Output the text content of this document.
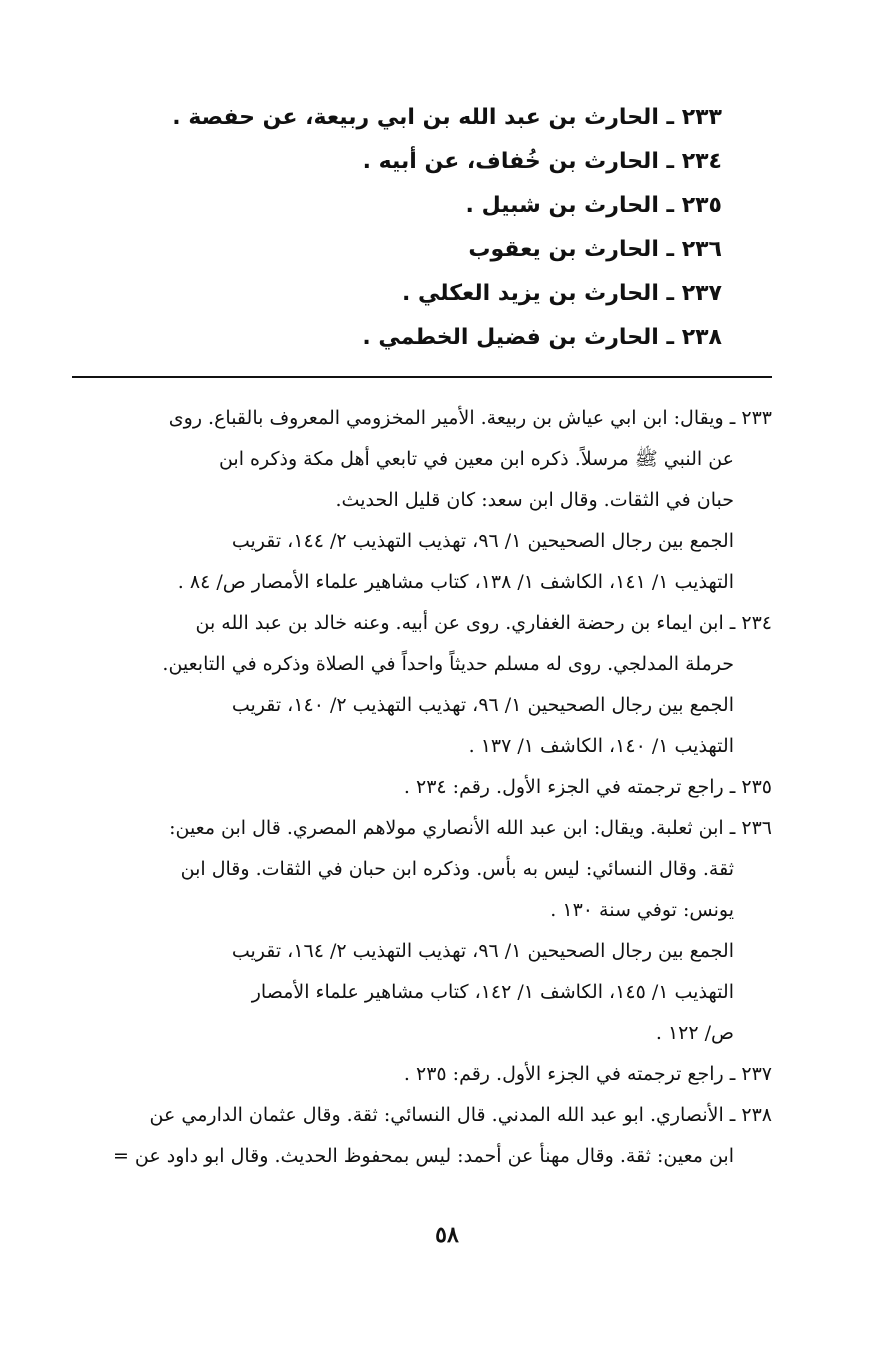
٢٣٣ ـ الحارث بن عبد الله بن ابي ربيعة، عن حفصة .
٢٣٤ ـ الحارث بن خُفاف، عن أبيه .
٢٣٥ ـ الحارث بن شبيل .
٢٣٦ ـ الحارث بن يعقوب
٢٣٧ ـ الحارث بن يزيد العكلي .
٢٣٨ ـ الحارث بن فضيل الخطمي .
٢٣٣ ـ ويقال: ابن ابي عياش بن ربيعة. الأمير المخزومي المعروف بالقباع. روى
عن النبي ﷺ مرسلاً. ذكره ابن معين في تابعي أهل مكة وذكره ابن
حبان في الثقات. وقال ابن سعد: كان قليل الحديث.
الجمع بين رجال الصحيحين ١/ ٩٦، تهذيب التهذيب ٢/ ١٤٤، تقريب
التهذيب ١/ ١٤١، الكاشف ١/ ١٣٨، كتاب مشاهير علماء الأمصار ص/ ٨٤ .
٢٣٤ ـ ابن ايماء بن رحضة الغفاري. روى عن أبيه. وعنه خالد بن عبد الله بن
حرملة المدلجي. روى له مسلم حديثاً واحداً في الصلاة وذكره في التابعين.
الجمع بين رجال الصحيحين ١/ ٩٦، تهذيب التهذيب ٢/ ١٤٠، تقريب
التهذيب ١/ ١٤٠، الكاشف ١/ ١٣٧ .
٢٣٥ ـ راجع ترجمته في الجزء الأول. رقم: ٢٣٤ .
٢٣٦ ـ ابن ثعلبة. ويقال: ابن عبد الله الأنصاري مولاهم المصري. قال ابن معين:
ثقة. وقال النسائي: ليس به بأس. وذكره ابن حبان في الثقات. وقال ابن
يونس: توفي سنة ١٣٠ .
الجمع بين رجال الصحيحين ١/ ٩٦، تهذيب التهذيب ٢/ ١٦٤، تقريب
التهذيب ١/ ١٤٥، الكاشف ١/ ١٤٢، كتاب مشاهير علماء الأمصار
ص/ ١٢٢ .
٢٣٧ ـ راجع ترجمته في الجزء الأول. رقم: ٢٣٥ .
٢٣٨ ـ الأنصاري. ابو عبد الله المدني. قال النسائي: ثقة. وقال عثمان الدارمي عن
ابن معين: ثقة. وقال مهنأ عن أحمد: ليس بمحفوظ الحديث. وقال ابو داود عن =
٥٨
